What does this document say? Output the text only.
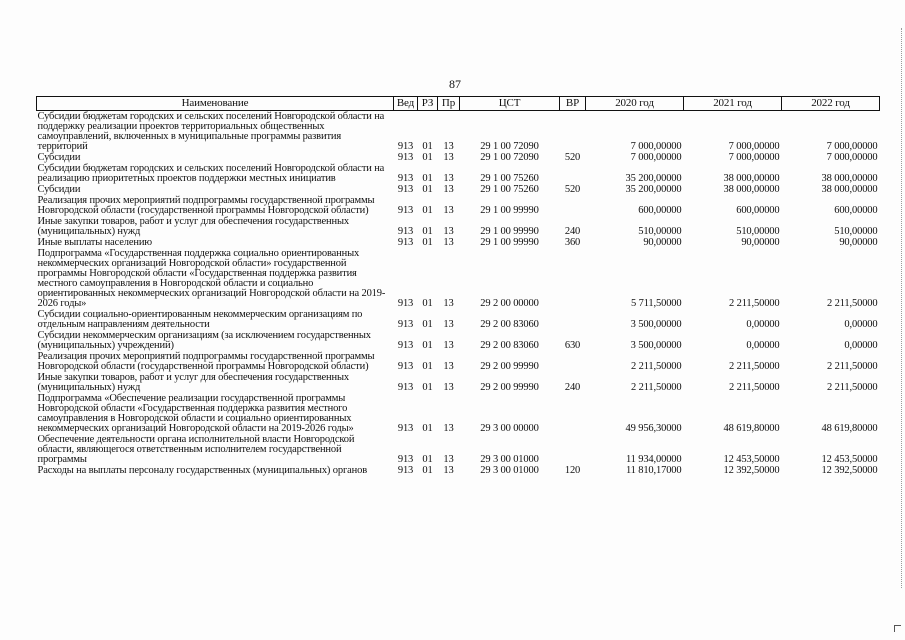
87
Наименование	Вед	РЗ	Пр	ЦСТ	ВР	2020 год	2021 год	2022 год
Субсидии бюджетам городских и сельских поселений Новгородской области на поддержку реализации проектов территориальных общественных самоуправлений, включенных в муниципальные программы развития территорий	913	01	13	29 1 00 72090		7 000,00000	7 000,00000	7 000,00000
Субсидии	913	01	13	29 1 00 72090	520	7 000,00000	7 000,00000	7 000,00000
Субсидии бюджетам городских и сельских поселений Новгородской области на реализацию приоритетных проектов поддержки местных инициатив	913	01	13	29 1 00 75260		35 200,00000	38 000,00000	38 000,00000
Субсидии	913	01	13	29 1 00 75260	520	35 200,00000	38 000,00000	38 000,00000
Реализация прочих мероприятий подпрограммы государственной программы Новгородской области (государственной программы Новгородской области)	913	01	13	29 1 00 99990		600,00000	600,00000	600,00000
Иные закупки товаров, работ и услуг для обеспечения государственных (муниципальных) нужд	913	01	13	29 1 00 99990	240	510,00000	510,00000	510,00000
Иные выплаты населению	913	01	13	29 1 00 99990	360	90,00000	90,00000	90,00000
Подпрограмма «Государственная поддержка социально ориентированных некоммерческих организаций Новгородской области» государственной программы Новгородской области «Государственная поддержка развития местного самоуправления в Новгородской области и социально ориентированных некоммерческих организаций Новгородской области на 2019-2026 годы»	913	01	13	29 2 00 00000		5 711,50000	2 211,50000	2 211,50000
Субсидии социально-ориентированным некоммерческим организациям по отдельным направлениям деятельности	913	01	13	29 2 00 83060		3 500,00000	0,00000	0,00000
Субсидии некоммерческим организациям (за исключением государственных (муниципальных) учреждений)	913	01	13	29 2 00 83060	630	3 500,00000	0,00000	0,00000
Реализация прочих мероприятий подпрограммы государственной программы Новгородской области (государственной программы Новгородской области)	913	01	13	29 2 00 99990		2 211,50000	2 211,50000	2 211,50000
Иные закупки товаров, работ и услуг для обеспечения государственных (муниципальных) нужд	913	01	13	29 2 00 99990	240	2 211,50000	2 211,50000	2 211,50000
Подпрограмма «Обеспечение реализации государственной программы Новгородской области «Государственная поддержка развития местного самоуправления в Новгородской области и социально ориентированных некоммерческих организаций Новгородской области на 2019-2026 годы»	913	01	13	29 3 00 00000		49 956,30000	48 619,80000	48 619,80000
Обеспечение деятельности органа исполнительной власти Новгородской области, являющегося ответственным исполнителем государственной программы	913	01	13	29 3 00 01000		11 934,00000	12 453,50000	12 453,50000
Расходы на выплаты персоналу государственных (муниципальных) органов	913	01	13	29 3 00 01000	120	11 810,17000	12 392,50000	12 392,50000
